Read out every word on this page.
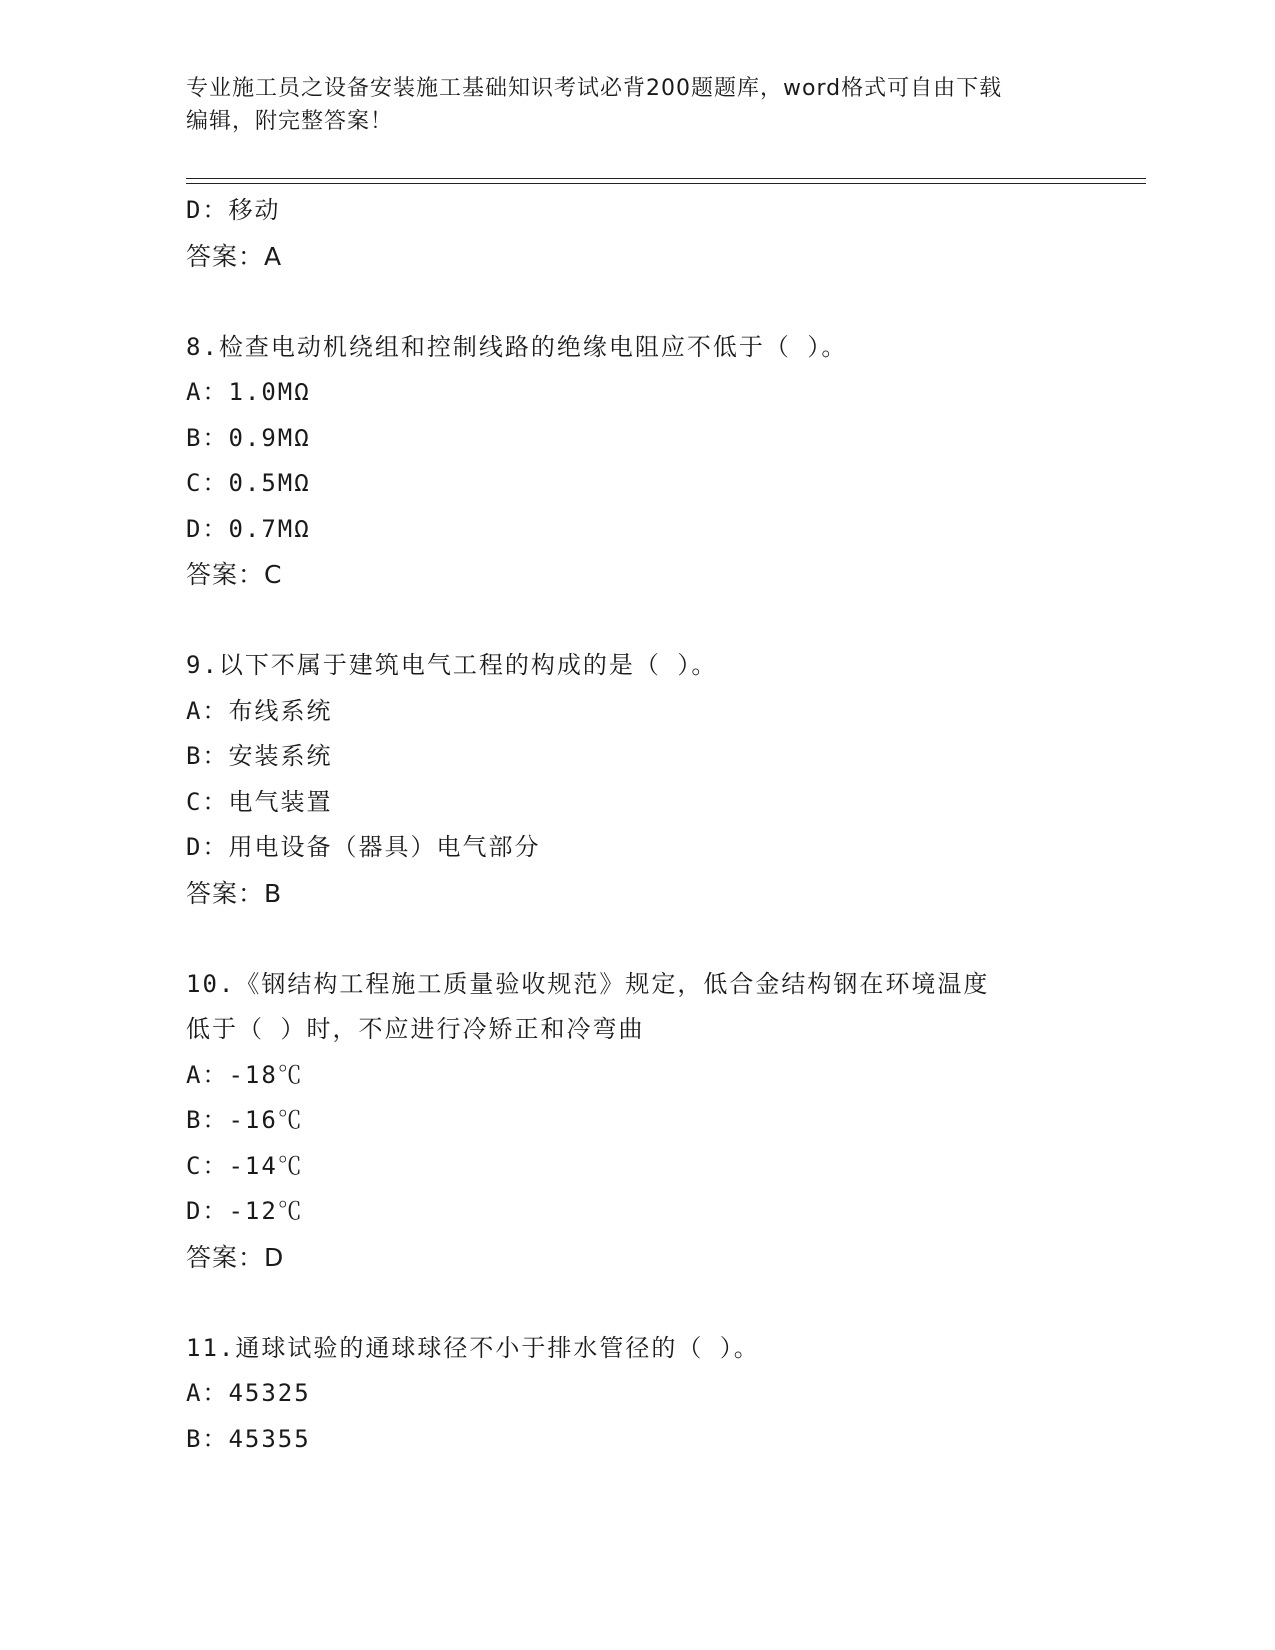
专业施工员之设备安装施工基础知识考试必背200题题库，word格式可自由下载
编辑，附完整答案！
D：移动
答案：A
8.检查电动机绕组和控制线路的绝缘电阻应不低于（ ）。
A：1.0MΩ
B：0.9MΩ
C：0.5MΩ
D：0.7MΩ
答案：C
9.以下不属于建筑电气工程的构成的是（ ）。
A：布线系统
B：安装系统
C：电气装置
D：用电设备（器具）电气部分
答案：B
10.《钢结构工程施工质量验收规范》规定，低合金结构钢在环境温度
低于（ ）时，不应进行冷矫正和冷弯曲
A：-18℃
B：-16℃
C：-14℃
D：-12℃
答案：D
11.通球试验的通球球径不小于排水管径的（ ）。
A：45325
B：45355
